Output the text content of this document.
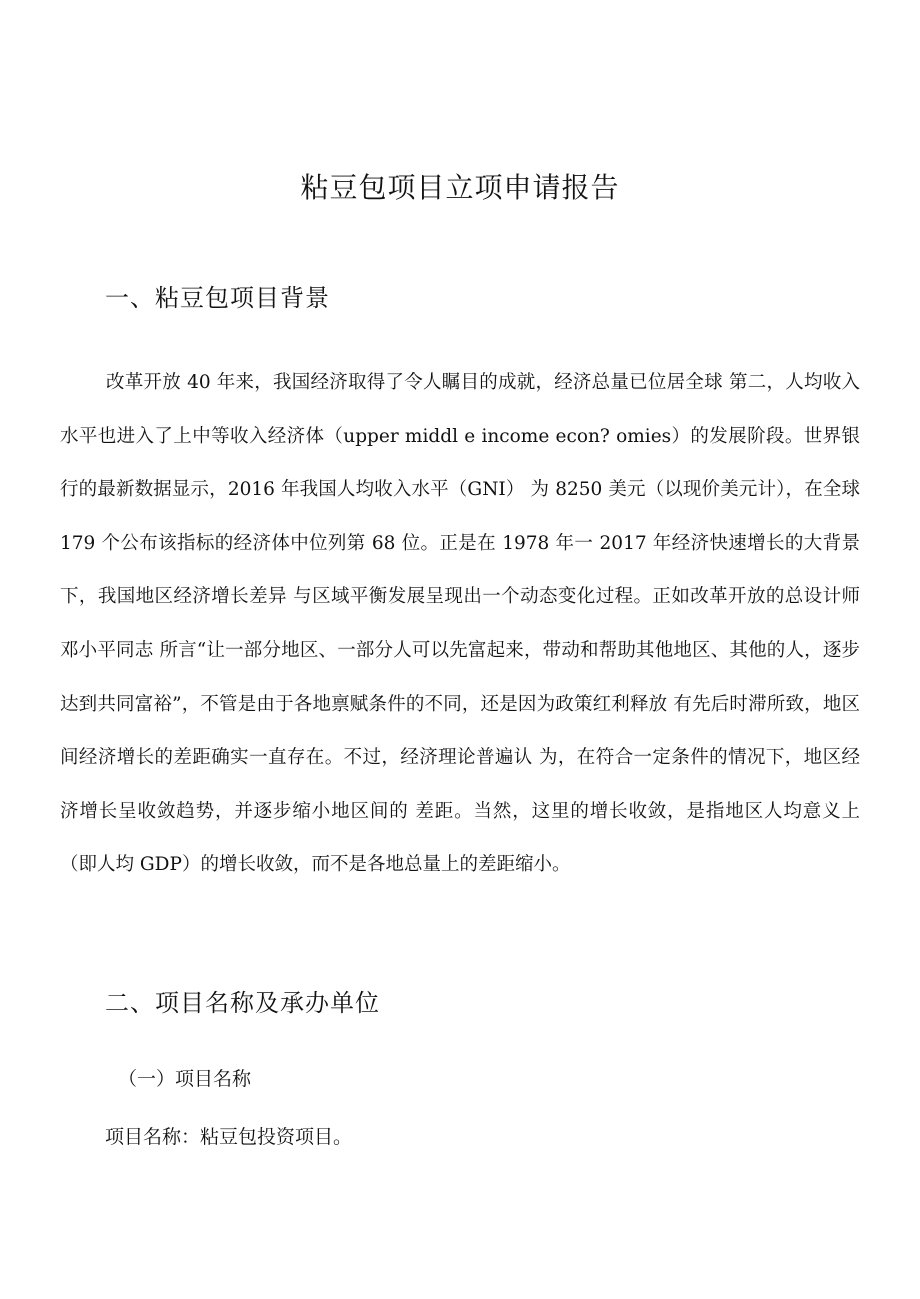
粘豆包项目立项申请报告
一、粘豆包项目背景

改革开放 40 年来，我国经济取得了令人瞩目的成就，经济总量已位居全球 第二，人均收入水平也进入了上中等收入经济体（upper middl e income econ? omies）的发展阶段。世界银行的最新数据显示，2016 年我国人均收入水平（GNI） 为 8250 美元（以现价美元计），在全球 179 个公布该指标的经济体中位列第 68 位。正是在 1978 年一 2017 年经济快速增长的大背景下，我国地区经济增长差异 与区域平衡发展呈现出一个动态变化过程。正如改革开放的总设计师邓小平同志 所言“让一部分地区、一部分人可以先富起来，带动和帮助其他地区、其他的人，逐步达到共同富裕”，不管是由于各地禀赋条件的不同，还是因为政策红利释放 有先后时滞所致，地区间经济增长的差距确实一直存在。不过，经济理论普遍认 为，在符合一定条件的情况下，地区经济增长呈收敛趋势，并逐步缩小地区间的 差距。当然，这里的增长收敛，是指地区人均意义上（即人均 GDP）的增长收敛，而不是各地总量上的差距缩小。

二、项目名称及承办单位
（一）项目名称

项目名称：粘豆包投资项目。
